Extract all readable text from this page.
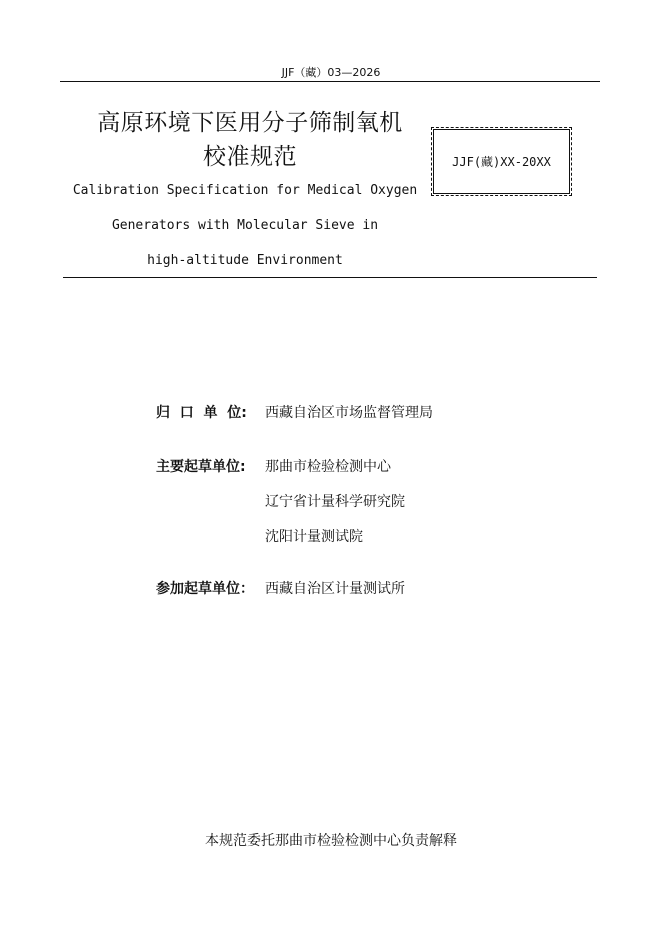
JJF（藏）03—2026
高原环境下医用分子筛制氧机
校准规范
Calibration Specification for Medical Oxygen
Generators with Molecular Sieve in
high-altitude Environment
JJF(藏)XX-20XX
归  口  单  位: 西藏自治区市场监督管理局
主要起草单位: 那曲市检验检测中心
辽宁省计量科学研究院
沈阳计量测试院
参加起草单位： 西藏自治区计量测试所
本规范委托那曲市检验检测中心负责解释
